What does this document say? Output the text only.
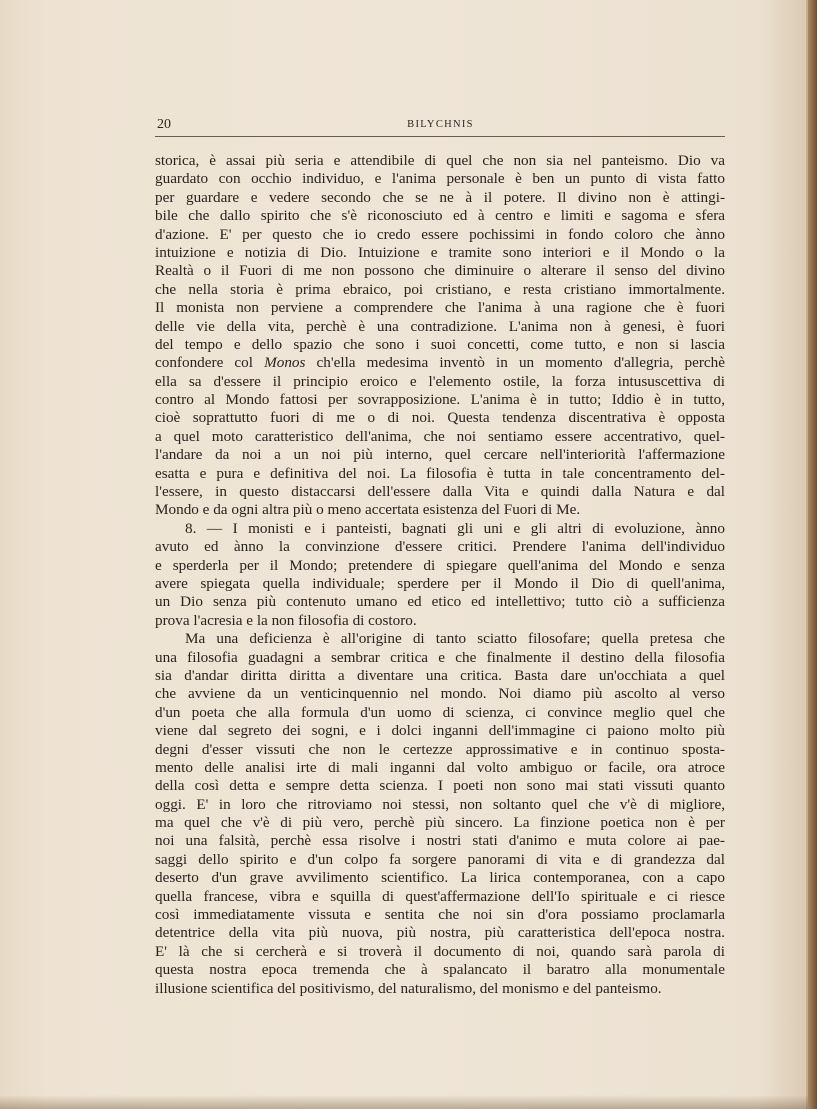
20	BILYCHNIS
storica, è assai più seria e attendibile di quel che non sia nel panteismo. Dio va
guardato con occhio individuo, e l'anima personale è ben un punto di vista fatto
per guardare e vedere secondo che se ne à il potere. Il divino non è attingi-
bile che dallo spirito che s'è riconosciuto ed à centro e limiti e sagoma e sfera
d'azione. E' per questo che io credo essere pochissimi in fondo coloro che ànno
intuizione e notizia di Dio. Intuizione e tramite sono interiori e il Mondo o la
Realtà o il Fuori di me non possono che diminuire o alterare il senso del divino
che nella storia è prima ebraico, poi cristiano, e resta cristiano immortalmente.
Il monista non perviene a comprendere che l'anima à una ragione che è fuori
delle vie della vita, perchè è una contradizione. L'anima non à genesi, è fuori
del tempo e dello spazio che sono i suoi concetti, come tutto, e non si lascia
confondere col Monos ch'ella medesima inventò in un momento d'allegria, perchè
ella sa d'essere il principio eroico e l'elemento ostile, la forza intususcettiva di
contro al Mondo fattosi per sovrapposizione. L'anima è in tutto; Iddio è in tutto,
cioè soprattutto fuori di me o di noi. Questa tendenza discentrativa è opposta
a quel moto caratteristico dell'anima, che noi sentiamo essere accentrativo, quel-
l'andare da noi a un noi più interno, quel cercare nell'interiorità l'affermazione
esatta e pura e definitiva del noi. La filosofia è tutta in tale concentramento del-
l'essere, in questo distaccarsi dell'essere dalla Vita e quindi dalla Natura e dal
Mondo e da ogni altra più o meno accertata esistenza del Fuori di Me.
8. — I monisti e i panteisti, bagnati gli uni e gli altri di evoluzione, ànno
avuto ed ànno la convinzione d'essere critici. Prendere l'anima dell'individuo
e sperderla per il Mondo; pretendere di spiegare quell'anima del Mondo e senza
avere spiegata quella individuale; sperdere per il Mondo il Dio di quell'anima,
un Dio senza più contenuto umano ed etico ed intellettivo; tutto ciò a sufficienza
prova l'acresia e la non filosofia di costoro.
Ma una deficienza è all'origine di tanto sciatto filosofare; quella pretesa che
una filosofia guadagni a sembrar critica e che finalmente il destino della filosofia
sia d'andar diritta diritta a diventare una critica. Basta dare un'occhiata a quel
che avviene da un venticinquennio nel mondo. Noi diamo più ascolto al verso
d'un poeta che alla formula d'un uomo di scienza, ci convince meglio quel che
viene dal segreto dei sogni, e i dolci inganni dell'immagine ci paiono molto più
degni d'esser vissuti che non le certezze approssimative e in continuo sposta-
mento delle analisi irte di mali inganni dal volto ambiguo or facile, ora atroce
della così detta e sempre detta scienza. I poeti non sono mai stati vissuti quanto
oggi. E' in loro che ritroviamo noi stessi, non soltanto quel che v'è di migliore,
ma quel che v'è di più vero, perchè più sincero. La finzione poetica non è per
noi una falsità, perchè essa risolve i nostri stati d'animo e muta colore ai pae-
saggi dello spirito e d'un colpo fa sorgere panorami di vita e di grandezza dal
deserto d'un grave avvilimento scientifico. La lirica contemporanea, con a capo
quella francese, vibra e squilla di quest'affermazione dell'Io spirituale e ci riesce
così immediatamente vissuta e sentita che noi sin d'ora possiamo proclamarla
detentrice della vita più nuova, più nostra, più caratteristica dell'epoca nostra.
E' là che si cercherà e si troverà il documento di noi, quando sarà parola di
questa nostra epoca tremenda che à spalancato il baratro alla monumentale
illusione scientifica del positivismo, del naturalismo, del monismo e del panteismo.
